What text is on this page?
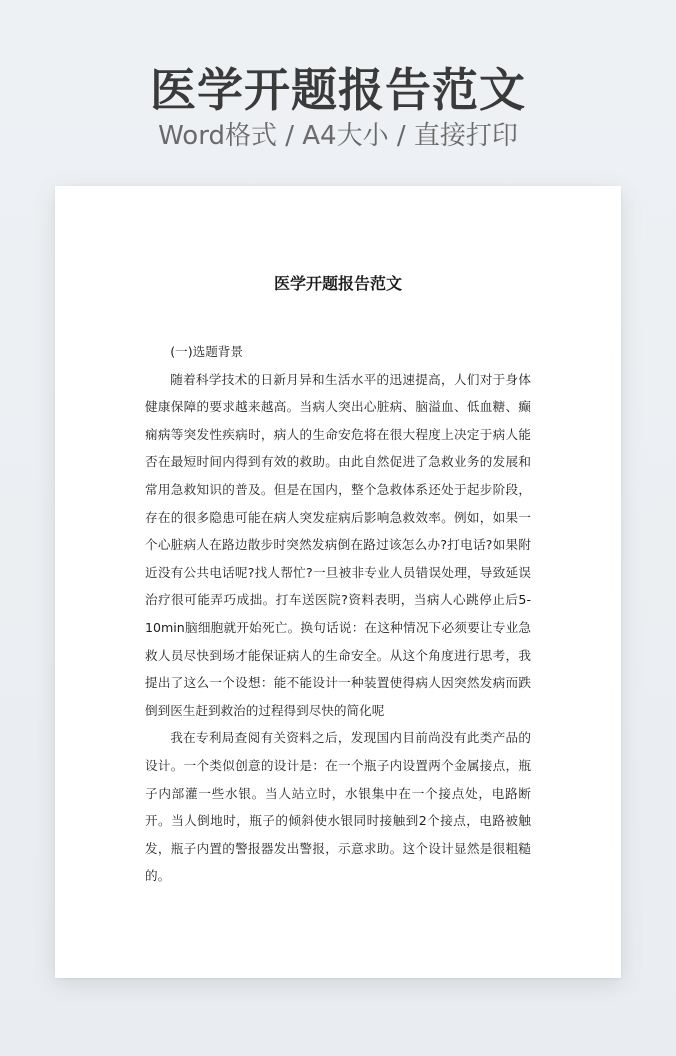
医学开题报告范文
Word格式 / A4大小 / 直接打印
医学开题报告范文

(一)选题背景

随着科学技术的日新月异和生活水平的迅速提高，人们对于身体健康保障的要求越来越高。当病人突出心脏病、脑溢血、低血糖、癫痫病等突发性疾病时，病人的生命安危将在很大程度上决定于病人能否在最短时间内得到有效的救助。由此自然促进了急救业务的发展和常用急救知识的普及。但是在国内，整个急救体系还处于起步阶段，存在的很多隐患可能在病人突发症病后影响急救效率。例如，如果一个心脏病人在路边散步时突然发病倒在路过该怎么办?打电话?如果附近没有公共电话呢?找人帮忙?一旦被非专业人员错误处理，导致延误治疗很可能弄巧成拙。打车送医院?资料表明，当病人心跳停止后5-10min脑细胞就开始死亡。换句话说：在这种情况下必须要让专业急救人员尽快到场才能保证病人的生命安全。从这个角度进行思考，我提出了这么一个设想：能不能设计一种装置使得病人因突然发病而跌倒到医生赶到救治的过程得到尽快的简化呢

我在专利局查阅有关资料之后，发现国内目前尚没有此类产品的设计。一个类似创意的设计是：在一个瓶子内设置两个金属接点，瓶子内部灌一些水银。当人站立时，水银集中在一个接点处，电路断开。当人倒地时，瓶子的倾斜使水银同时接触到2个接点，电路被触发，瓶子内置的警报器发出警报，示意求助。这个设计显然是很粗糙的。
